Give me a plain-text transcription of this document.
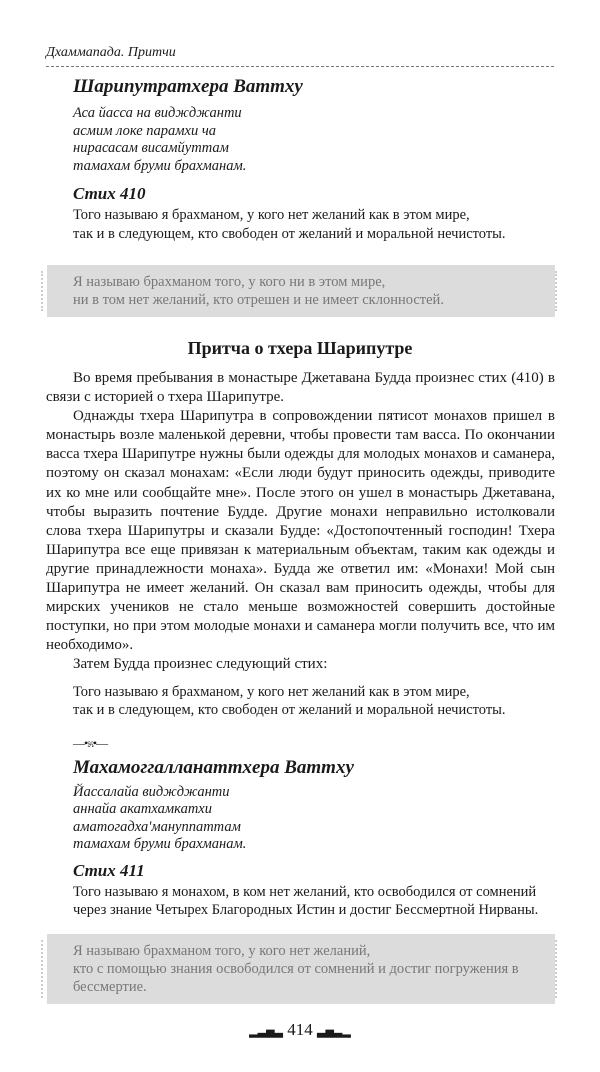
Дхаммапада. Притчи
Шарипутратхера Ваттху
Аса йасса на виджджанти
асмим локе парамхи ча
нирасасам висамйуттам
тамахам бруми брахманам.
Стих 410
Того называю я брахманом, у кого нет желаний как в этом мире,
так и в следующем, кто свободен от желаний и моральной нечистоты.
Я называю брахманом того, у кого ни в этом мире,
ни в том нет желаний, кто отрешен и не имеет склонностей.
Притча о тхера Шарипутре

Во время пребывания в монастыре Джетавана Будда произнес стих (410) в связи с историей о тхера Шарипутре.

Однажды тхера Шарипутра в сопровождении пятисот монахов пришел в монастырь возле маленькой деревни, чтобы провести там васса. По окончании васса тхера Шарипутре нужны были одежды для молодых монахов и саманера, поэтому он сказал монахам: «Если люди будут приносить одежды, приводите их ко мне или сообщайте мне». После этого он ушел в монастырь Джетавана, чтобы выразить почтение Будде. Другие монахи неправильно истолковали слова тхера Шарипутры и сказали Будде: «Достопочтенный господин! Тхера Шарипутра все еще привязан к материальным объектам, таким как одежды и другие принадлежности монаха». Будда же ответил им: «Монахи! Мой сын Шарипутра не имеет желаний. Он сказал вам приносить одежды, чтобы для мирских учеников не стало меньше возможностей совершить достойные поступки, но при этом молодые монахи и саманера могли получить все, что им необходимо».

Затем Будда произнес следующий стих:

Того называю я брахманом, у кого нет желаний как в этом мире,
так и в следующем, кто свободен от желаний и моральной нечистоты.
—•೫•—
Махамоггалланаттхера Ваттху
Йассалайа виджджанти
аннайа акатхамкатхи
аматогадха'мануппаттам
тамахам бруми брахманам.
Стих 411
Того называю я монахом, в ком нет желаний, кто освободился от сомнений
через знание Четырех Благородных Истин и достиг Бессмертной Нирваны.
Я называю брахманом того, у кого нет желаний,
кто с помощью знания освободился от сомнений и достиг погружения в бессмертие.
▂▃▅▃ 414 ▃▅▃▂
